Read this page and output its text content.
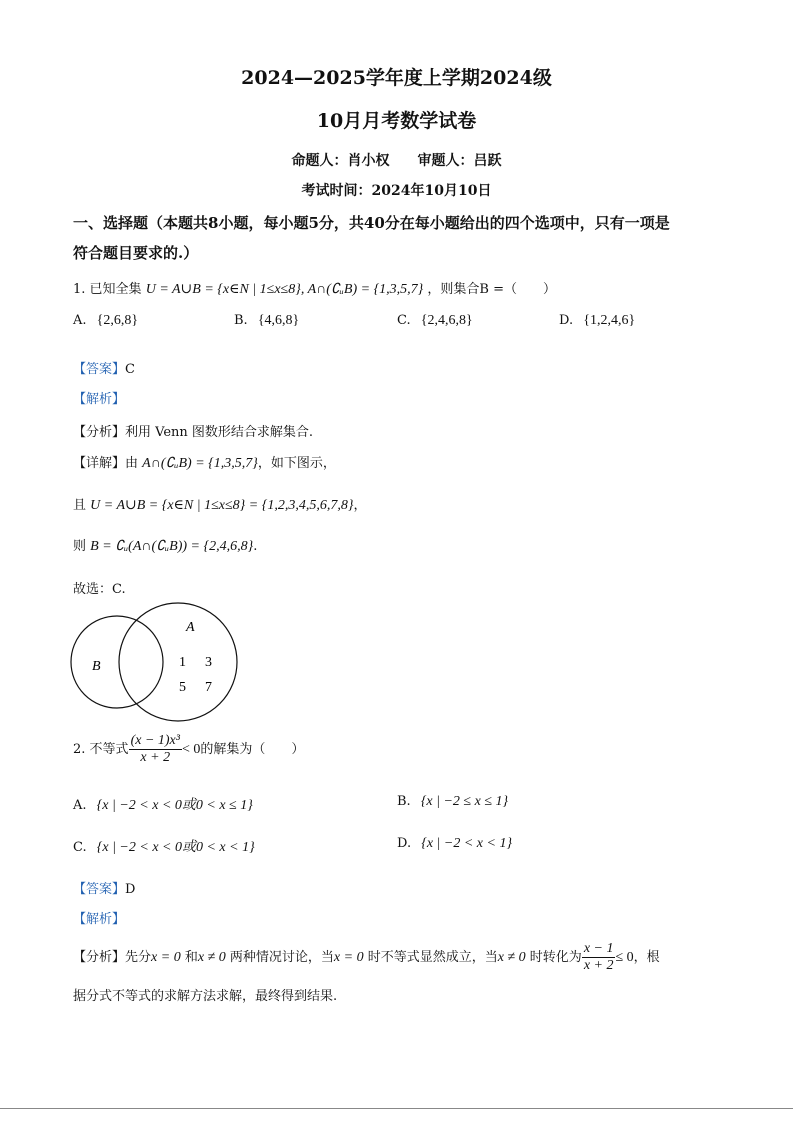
2024—2025学年度上学期2024级
10月月考数学试卷
命题人：肖小权　　审题人：吕跃
考试时间：2024年10月10日
一、选择题（本题共8小题，每小题5分，共40分在每小题给出的四个选项中，只有一项是
符合题目要求的.）
1. 已知全集 U = A∪B = {x∈N | 1≤x≤8}, A∩(∁ᵤB) = {1,3,5,7} ，则集合B =（　　）
A. {2,6,8}	B. {4,6,8}	C. {2,4,6,8}	D. {1,2,4,6}
【答案】C
【解析】
【分析】利用 Venn 图数形结合求解集合.
【详解】由 A∩(∁ᵤB) = {1,3,5,7}，如下图示，
且 U = A∪B = {x∈N | 1≤x≤8} = {1,2,3,4,5,6,7,8}，
则 B = ∁ᵤ(A∩(∁ᵤB)) = {2,4,6,8}.
故选：C.
A
B	1 3
5 7
2. 不等式 $\frac{\text{(x − 1)x³}}{x + 2} < 0$的解集为（　　）
A. {x | −2 < x < 0或0 < x ≤ 1}	B. {x | −2 ≤ x ≤ 1}
C. {x | −2 < x < 0或0 < x < 1}	D. {x | −2 < x < 1}
【答案】D
【解析】
【分析】先分x = 0 和x ≠ 0 两种情况讨论，当x = 0 时不等式显然成立，当x ≠ 0 时转化为 $\frac{x - 1}{x + 2} \le 0$，根
据分式不等式的求解方法求解，最终得到结果.
